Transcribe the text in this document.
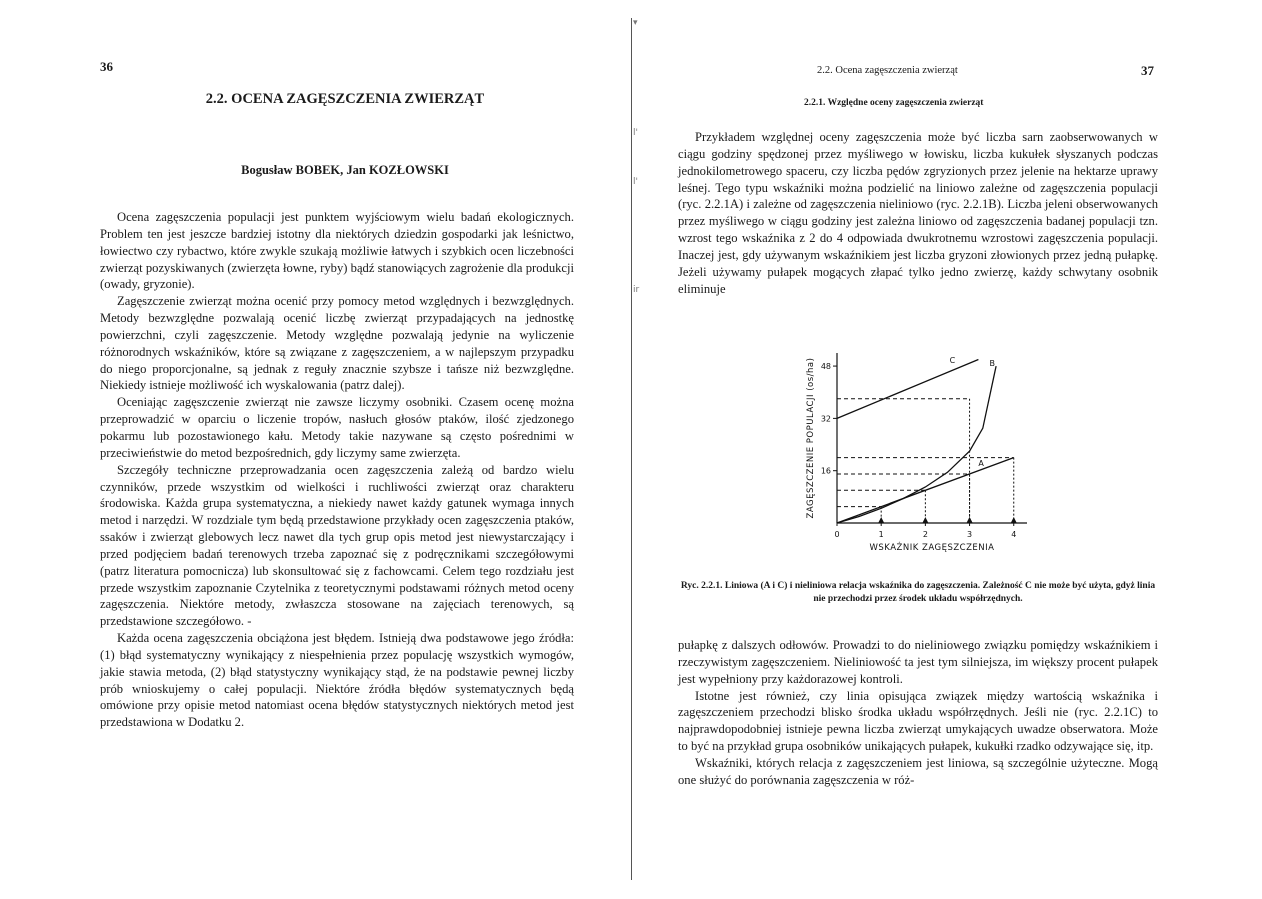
36
2.2. OCENA ZAGĘSZCZENIA ZWIERZĄT
Bogusław BOBEK, Jan KOZŁOWSKI

Ocena zagęszczenia populacji jest punktem wyjściowym wielu badań ekologicznych. Problem ten jest jeszcze bardziej istotny dla niektórych dziedzin gospodarki jak leśnictwo, łowiectwo czy rybactwo, które zwykle szukają możliwie łatwych i szybkich ocen liczebności zwierząt pozyskiwanych (zwierzęta łowne, ryby) bądź stanowiących zagrożenie dla produkcji (owady, gryzonie).

Zagęszczenie zwierząt można ocenić przy pomocy metod względnych i bezwzględnych. Metody bezwzględne pozwalają ocenić liczbę zwierząt przypadających na jednostkę powierzchni, czyli zagęszczenie. Metody względne pozwalają jedynie na wyliczenie różnorodnych wskaźników, które są związane z zagęszczeniem, a w najlepszym przypadku do niego proporcjonalne, są jednak z reguły znacznie szybsze i tańsze niż bezwzględne. Niekiedy istnieje możliwość ich wyskalowania (patrz dalej).

Oceniając zagęszczenie zwierząt nie zawsze liczymy osobniki. Czasem ocenę można przeprowadzić w oparciu o liczenie tropów, nasłuch głosów ptaków, ilość zjedzonego pokarmu lub pozostawionego kału. Metody takie nazywane są często pośrednimi w przeciwieństwie do metod bezpośrednich, gdy liczymy same zwierzęta.

Szczegóły techniczne przeprowadzania ocen zagęszczenia zależą od bardzo wielu czynników, przede wszystkim od wielkości i ruchliwości zwierząt oraz charakteru środowiska. Każda grupa systematyczna, a niekiedy nawet każdy gatunek wymaga innych metod i narzędzi. W rozdziale tym będą przedstawione przykłady ocen zagęszczenia ptaków, ssaków i zwierząt glebowych lecz nawet dla tych grup opis metod jest niewystarczający i przed podjęciem badań terenowych trzeba zapoznać się z podręcznikami szczegółowymi (patrz literatura pomocnicza) lub skonsultować się z fachowcami. Celem tego rozdziału jest przede wszystkim zapoznanie Czytelnika z teoretycznymi podstawami różnych metod oceny zagęszczenia. Niektóre metody, zwłaszcza stosowane na zajęciach terenowych, są przedstawione szczegółowo. -

Każda ocena zagęszczenia obciążona jest błędem. Istnieją dwa podstawowe jego źródła: (1) błąd systematyczny wynikający z niespełnienia przez populację wszystkich wymogów, jakie stawia metoda, (2) błąd statystyczny wynikający stąd, że na podstawie pewnej liczby prób wnioskujemy o całej populacji. Niektóre źródła błędów systematycznych będą omówione przy opisie metod natomiast ocena błędów statystycznych niektórych metod jest przedstawiona w Dodatku 2.

▾
l'
l'
ir
2.2. Ocena zagęszczenia zwierząt	37
2.2.1. Względne oceny zagęszczenia zwierząt

Przykładem względnej oceny zagęszczenia może być liczba sarn zaobserwowanych w ciągu godziny spędzonej przez myśliwego w łowisku, liczba kukułek słyszanych podczas jednokilometrowego spaceru, czy liczba pędów zgryzionych przez jelenie na hektarze uprawy leśnej. Tego typu wskaźniki można podzielić na liniowo zależne od zagęszczenia populacji (ryc. 2.2.1A) i zależne od zagęszczenia nieliniowo (ryc. 2.2.1B). Liczba jeleni obserwowanych przez myśliwego w ciągu godziny jest zależna liniowo od zagęszczenia badanej populacji tzn. wzrost tego wskaźnika z 2 do 4 odpowiada dwukrotnemu wzrostowi zagęszczenia populacji. Inaczej jest, gdy używanym wskaźnikiem jest liczba gryzoni złowionych przez jedną pułapkę. Jeżeli używamy pułapek mogących złapać tylko jedno zwierzę, każdy schwytany osobnik eliminuje

16
32
48
0	1	2	3	4
A
B
C
WSKAŹNIK ZAGĘSZCZENIA
ZAGĘSZCZENIE POPULACJI (os/ha)
Ryc. 2.2.1. Liniowa (A i C) i nieliniowa relacja wskaźnika do zagęszczenia. Zależność C nie może być użyta, gdyż linia nie przechodzi przez środek układu współrzędnych.

pułapkę z dalszych odłowów. Prowadzi to do nieliniowego związku pomiędzy wskaźnikiem i rzeczywistym zagęszczeniem. Nieliniowość ta jest tym silniejsza, im większy procent pułapek jest wypełniony przy każdorazowej kontroli.

Istotne jest również, czy linia opisująca związek między wartością wskaźnika i zagęszczeniem przechodzi blisko środka układu współrzędnych. Jeśli nie (ryc. 2.2.1C) to najprawdopodobniej istnieje pewna liczba zwierząt umykających uwadze obserwatora. Może to być na przykład grupa osobników unikających pułapek, kukułki rzadko odzywające się, itp.

Wskaźniki, których relacja z zagęszczeniem jest liniowa, są szczególnie użyteczne. Mogą one służyć do porównania zagęszczenia w róż-
